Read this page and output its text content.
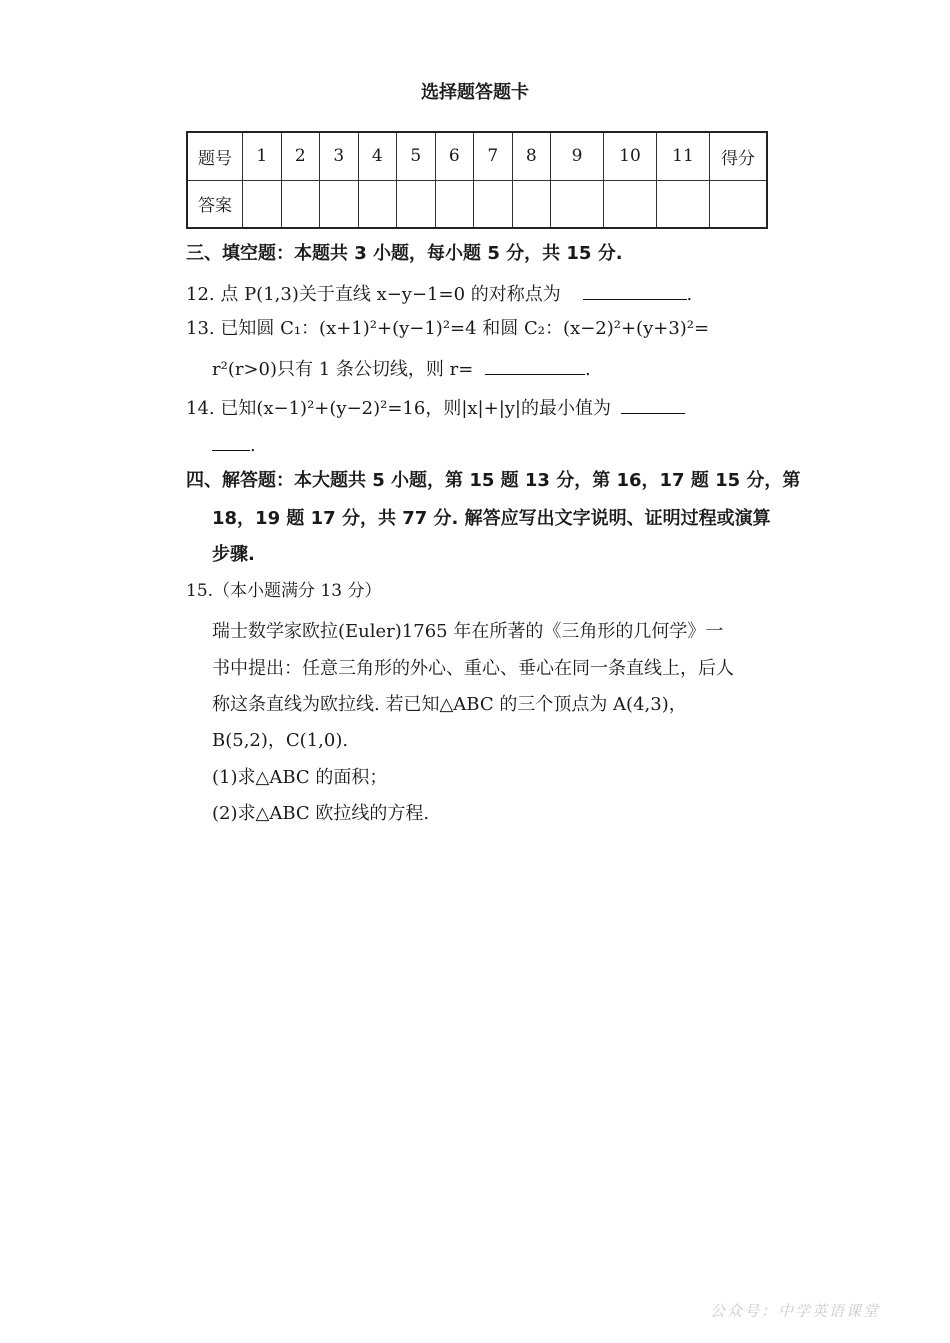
选择题答题卡
题号	1	2	3	4	5	6	7	8	9	10	11	得分
答案												
三、填空题：本题共 3 小题，每小题 5 分，共 15 分.
12. 点 P(1,3)关于直线 x−y−1=0 的对称点为	.
13. 已知圆 C₁：(x+1)²+(y−1)²=4 和圆 C₂：(x−2)²+(y+3)²=
r²(r>0)只有 1 条公切线，则 r=	.
14. 已知(x−1)²+(y−2)²=16，则|x|+|y|的最小值为
.
四、解答题：本大题共 5 小题，第 15 题 13 分，第 16，17 题 15 分，第
18，19 题 17 分，共 77 分. 解答应写出文字说明、证明过程或演算
步骤.
15.（本小题满分 13 分）
瑞士数学家欧拉(Euler)1765 年在所著的《三角形的几何学》一
书中提出：任意三角形的外心、重心、垂心在同一条直线上，后人
称这条直线为欧拉线. 若已知△ABC 的三个顶点为 A(4,3)，
B(5,2)，C(1,0).
(1)求△ABC 的面积；
(2)求△ABC 欧拉线的方程.
公众号：中学英语课堂
